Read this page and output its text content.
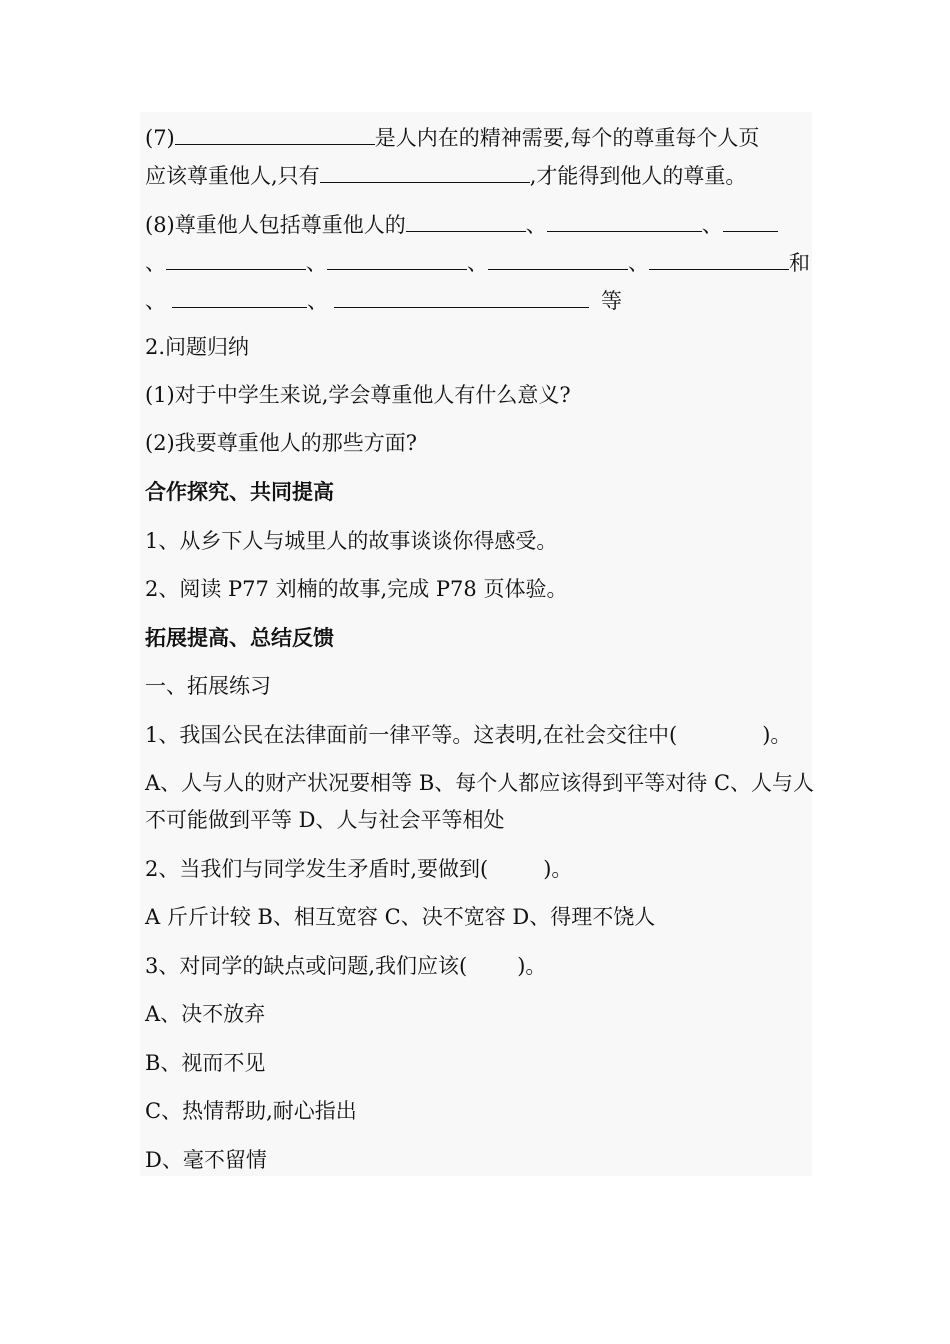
(7)	是人内在的精神需要,每个的尊重每个人页
应该尊重他人,只有	,才能得到他人的尊重。
(8)尊重他人包括尊重他人的	、	、
、	、	、	、	和
、	、	等
2.问题归纳
(1)对于中学生来说,学会尊重他人有什么意义?
(2)我要尊重他人的那些方面?
合作探究、共同提高
1、从乡下人与城里人的故事谈谈你得感受。
2、阅读 P77 刘楠的故事,完成 P78 页体验。
拓展提高、总结反馈
一、拓展练习
1、我国公民在法律面前一律平等。这表明,在社会交往中(	)。
A、人与人的财产状况要相等 B、每个人都应该得到平等对待 C、人与人
不可能做到平等 D、人与社会平等相处
2、当我们与同学发生矛盾时,要做到(	)。
A 斤斤计较 B、相互宽容 C、决不宽容 D、得理不饶人
3、对同学的缺点或问题,我们应该( )。
A、决不放弃
B、视而不见
C、热情帮助,耐心指出
D、毫不留情
